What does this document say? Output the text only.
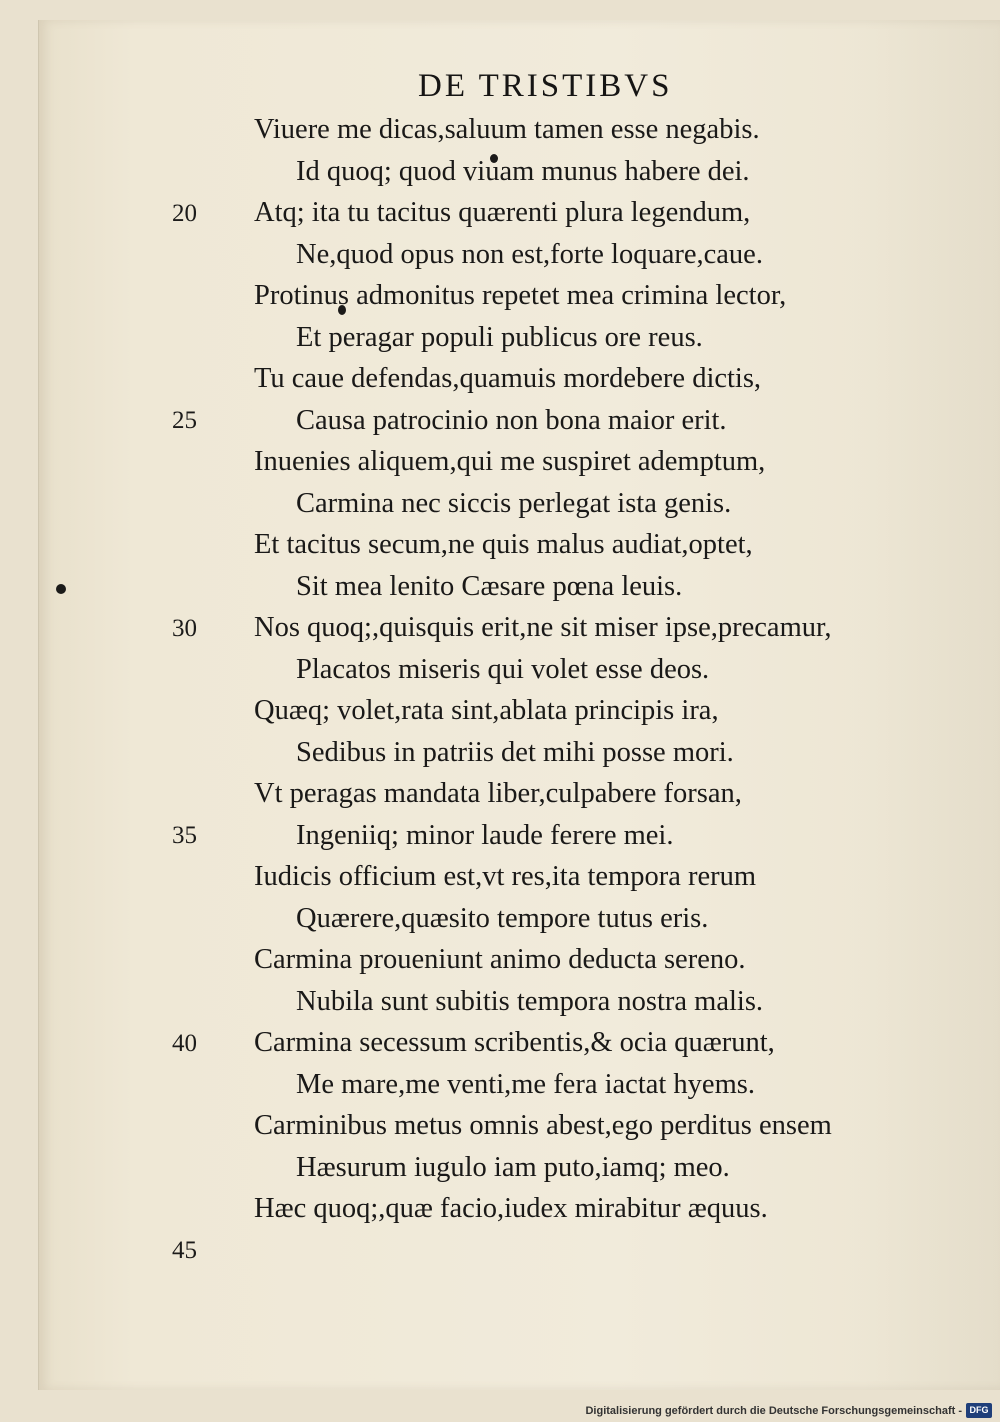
DE TRISTIBVS
Viuere me dicas,saluum tamen esse negabis.
Id quoq; quod viuam munus habere dei.
20 Atq; ita tu tacitus quærenti plura legendum,
Ne,quod opus non est,forte loquare,caue.
Protinus admonitus repetet mea crimina lector,
Et peragar populi publicus ore reus.
Tu caue defendas,quamuis mordebere dictis,
25	Causa patrocinio non bona maior erit.
Inuenies aliquem,qui me suspiret ademptum,
Carmina nec siccis perlegat ista genis.
Et tacitus secum,ne quis malus audiat,optet,
Sit mea lenito Cæsare pœna leuis.
30 Nos quoq;,quisquis erit,ne sit miser ipse,precamur,
Placatos miseris qui volet esse deos.
Quæq; volet,rata sint,ablata principis ira,
Sedibus in patriis det mihi posse mori.
Vt peragas mandata liber,culpabere forsan,
35	Ingeniiq; minor laude ferere mei.
Iudicis officium est,vt res,ita tempora rerum
Quærere,quæsito tempore tutus eris.
Carmina proueniunt animo deducta sereno.
Nubila sunt subitis tempora nostra malis.
40 Carmina secessum scribentis,& ocia quærunt,
Me mare,me venti,me fera iactat hyems.
Carminibus metus omnis abest,ego perditus ensem
Hæsurum iugulo iam puto,iamq; meo.
Hæc quoq;,quæ facio,iudex mirabitur æquus.
45
Digitalisierung gefördert durch die Deutsche Forschungsgemeinschaft - DFG
